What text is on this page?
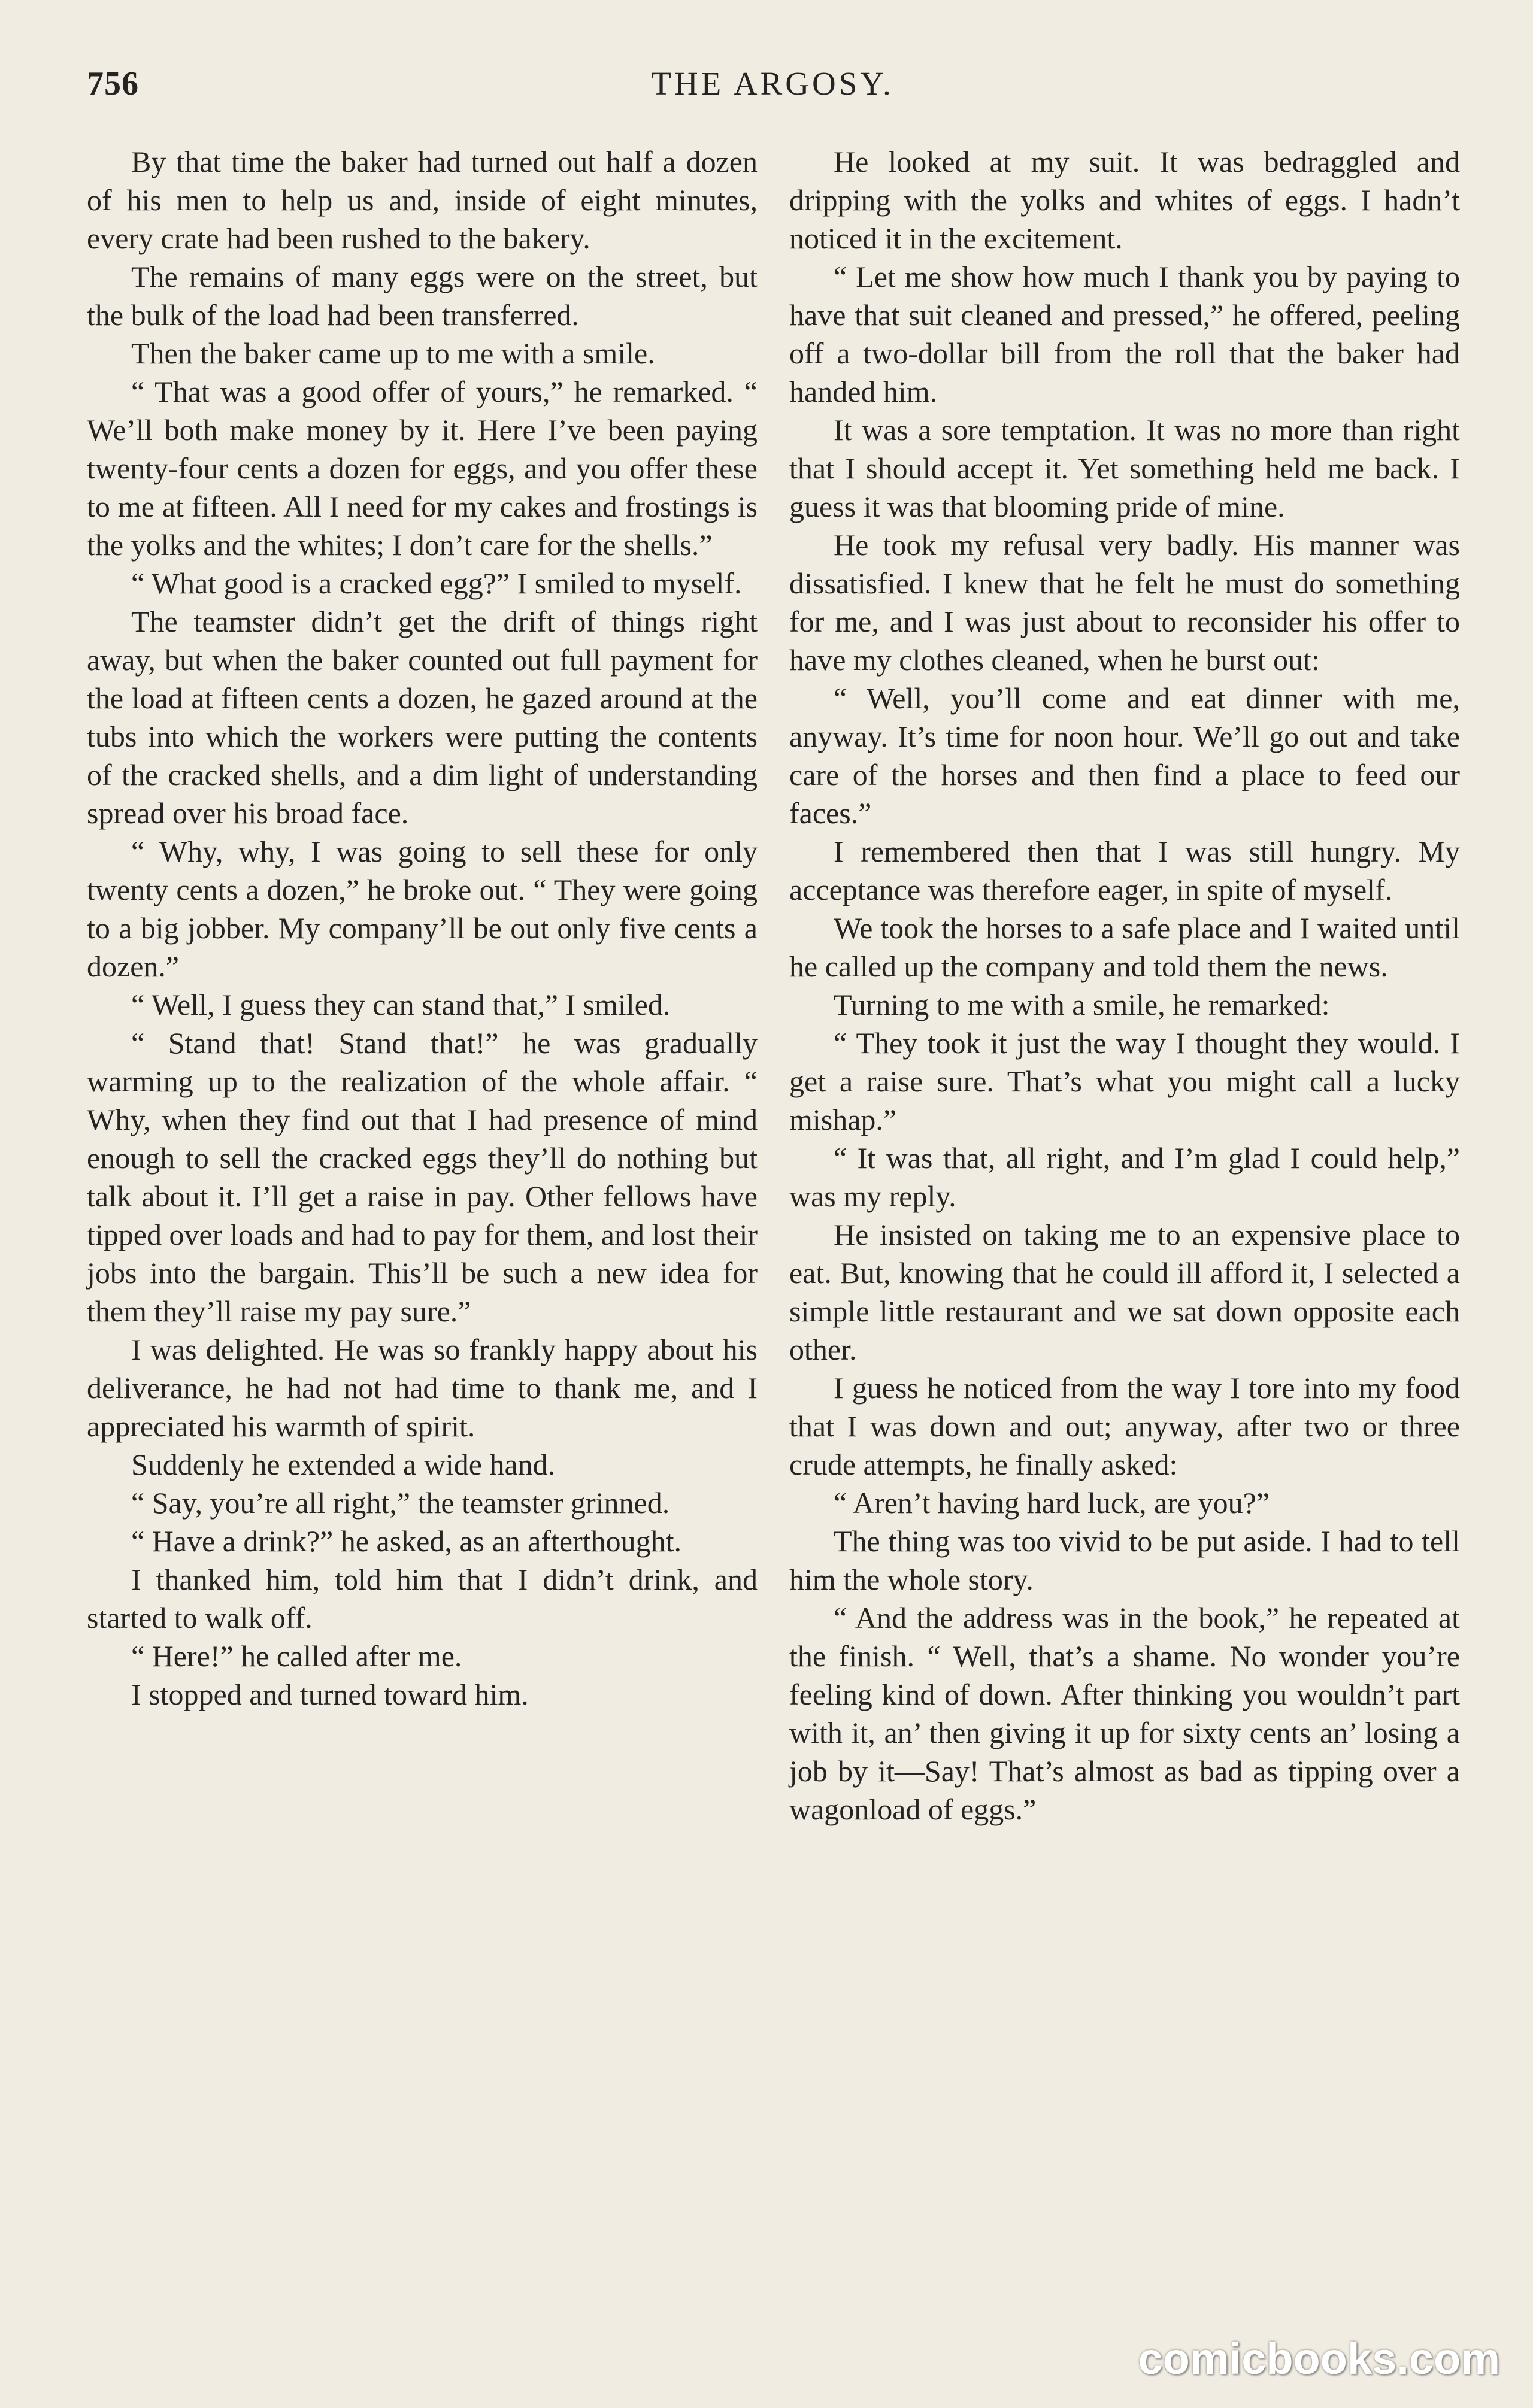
756	THE ARGOSY.

By that time the baker had turned out half a dozen of his men to help us and, inside of eight minutes, every crate had been rushed to the bakery.

The remains of many eggs were on the street, but the bulk of the load had been transferred.

Then the baker came up to me with a smile.

“ That was a good offer of yours,” he remarked. “ We’ll both make money by it. Here I’ve been paying twenty-four cents a dozen for eggs, and you offer these to me at fifteen. All I need for my cakes and frostings is the yolks and the whites; I don’t care for the shells.”

“ What good is a cracked egg?” I smiled to myself.

The teamster didn’t get the drift of things right away, but when the baker counted out full payment for the load at fifteen cents a dozen, he gazed around at the tubs into which the workers were putting the contents of the cracked shells, and a dim light of understanding spread over his broad face.

“ Why, why, I was going to sell these for only twenty cents a dozen,” he broke out. “ They were going to a big jobber. My company’ll be out only five cents a dozen.”

“ Well, I guess they can stand that,” I smiled.

“ Stand that! Stand that!” he was gradually warming up to the realization of the whole affair. “ Why, when they find out that I had presence of mind enough to sell the cracked eggs they’ll do nothing but talk about it. I’ll get a raise in pay. Other fellows have tipped over loads and had to pay for them, and lost their jobs into the bargain. This’ll be such a new idea for them they’ll raise my pay sure.”

I was delighted. He was so frankly happy about his deliverance, he had not had time to thank me, and I appreciated his warmth of spirit.

Suddenly he extended a wide hand.

“ Say, you’re all right,” the teamster grinned.

“ Have a drink?” he asked, as an afterthought.

I thanked him, told him that I didn’t drink, and started to walk off.

“ Here!” he called after me.

I stopped and turned toward him.

He looked at my suit. It was bedraggled and dripping with the yolks and whites of eggs. I hadn’t noticed it in the excitement.

“ Let me show how much I thank you by paying to have that suit cleaned and pressed,” he offered, peeling off a two-dollar bill from the roll that the baker had handed him.

It was a sore temptation. It was no more than right that I should accept it. Yet something held me back. I guess it was that blooming pride of mine.

He took my refusal very badly. His manner was dissatisfied. I knew that he felt he must do something for me, and I was just about to reconsider his offer to have my clothes cleaned, when he burst out:

“ Well, you’ll come and eat dinner with me, anyway. It’s time for noon hour. We’ll go out and take care of the horses and then find a place to feed our faces.”

I remembered then that I was still hungry. My acceptance was therefore eager, in spite of myself.

We took the horses to a safe place and I waited until he called up the company and told them the news.

Turning to me with a smile, he remarked:

“ They took it just the way I thought they would. I get a raise sure. That’s what you might call a lucky mishap.”

“ It was that, all right, and I’m glad I could help,” was my reply.

He insisted on taking me to an expensive place to eat. But, knowing that he could ill afford it, I selected a simple little restaurant and we sat down opposite each other.

I guess he noticed from the way I tore into my food that I was down and out; anyway, after two or three crude attempts, he finally asked:

“ Aren’t having hard luck, are you?”

The thing was too vivid to be put aside. I had to tell him the whole story.

“ And the address was in the book,” he repeated at the finish. “ Well, that’s a shame. No wonder you’re feeling kind of down. After thinking you wouldn’t part with it, an’ then giving it up for sixty cents an’ losing a job by it—Say! That’s almost as bad as tipping over a wagonload of eggs.”

comicbooks.com
